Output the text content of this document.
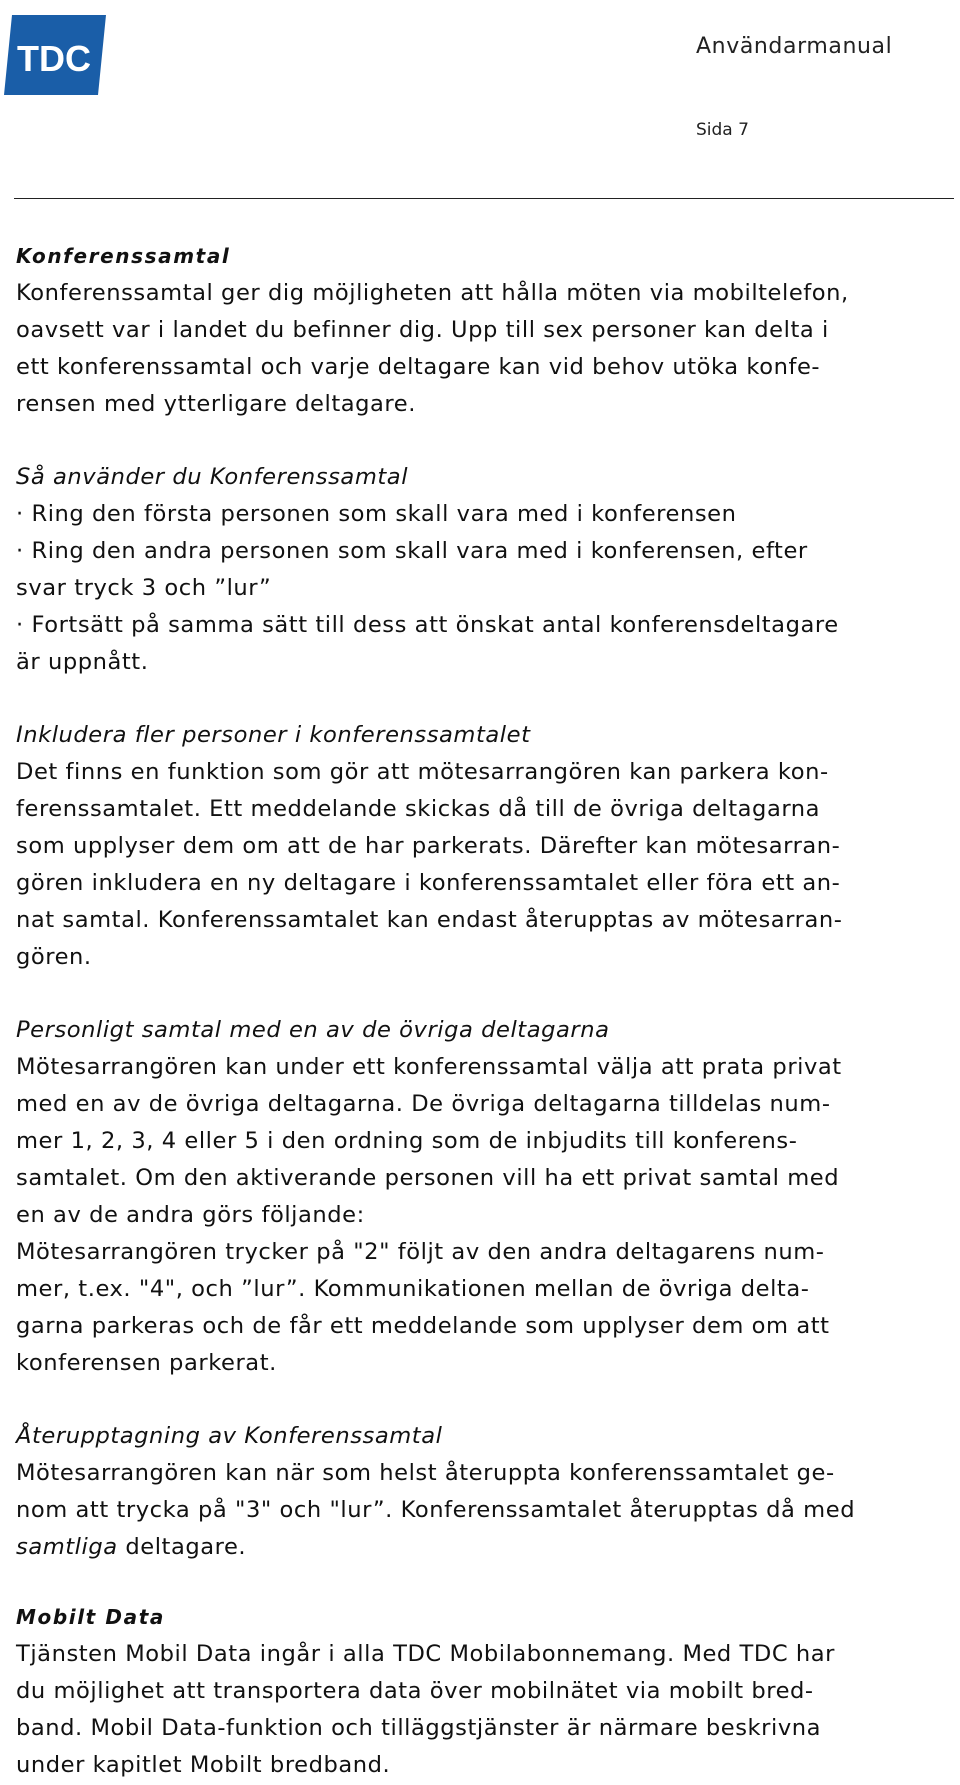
TDC	Användarmanual
Sida 7

Konferenssamtal

Konferenssamtal ger dig möjligheten att hålla möten via mobiltelefon,

oavsett var i landet du befinner dig. Upp till sex personer kan delta i

ett konferenssamtal och varje deltagare kan vid behov utöka konfe-

rensen med ytterligare deltagare.

Så använder du Konferenssamtal

· Ring den första personen som skall vara med i konferensen

· Ring den andra personen som skall vara med i konferensen, efter

svar tryck 3 och ”lur”

· Fortsätt på samma sätt till dess att önskat antal konferensdeltagare

är uppnått.

Inkludera fler personer i konferenssamtalet

Det finns en funktion som gör att mötesarrangören kan parkera kon-

ferenssamtalet. Ett meddelande skickas då till de övriga deltagarna

som upplyser dem om att de har parkerats. Därefter kan mötesarran-

gören inkludera en ny deltagare i konferenssamtalet eller föra ett an-

nat samtal. Konferenssamtalet kan endast återupptas av mötesarran-

gören.

Personligt samtal med en av de övriga deltagarna

Mötesarrangören kan under ett konferenssamtal välja att prata privat

med en av de övriga deltagarna. De övriga deltagarna tilldelas num-

mer 1, 2, 3, 4 eller 5 i den ordning som de inbjudits till konferens-

samtalet. Om den aktiverande personen vill ha ett privat samtal med

en av de andra görs följande:

Mötesarrangören trycker på "2" följt av den andra deltagarens num-

mer, t.ex. "4", och ”lur”. Kommunikationen mellan de övriga delta-

garna parkeras och de får ett meddelande som upplyser dem om att

konferensen parkerat.

Återupptagning av Konferenssamtal

Mötesarrangören kan när som helst återuppta konferenssamtalet ge-

nom att trycka på "3" och "lur”. Konferenssamtalet återupptas då med

samtliga deltagare.

Mobilt Data

Tjänsten Mobil Data ingår i alla TDC Mobilabonnemang. Med TDC har

du möjlighet att transportera data över mobilnätet via mobilt bred-

band. Mobil Data-funktion och tilläggstjänster är närmare beskrivna

under kapitlet Mobilt bredband.
